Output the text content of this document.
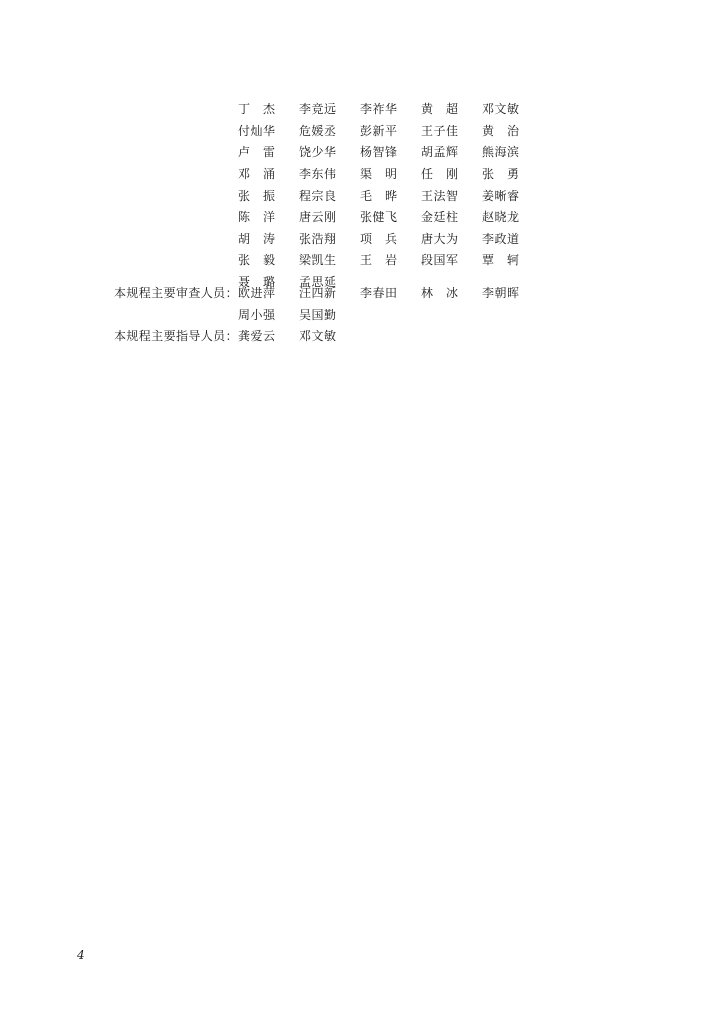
丁　杰	李竞远	李祚华	黄　超	邓文敏
付灿华	危媛丞	彭新平	王子佳	黄　治
卢　雷	饶少华	杨智锋	胡孟辉	熊海滨
邓　涌	李东伟	渠　明	任　刚	张　勇
张　振	程宗良	毛　晔	王法智	姜晰睿
陈　洋	唐云刚	张健飞	金廷柱	赵晓龙
胡　涛	张浩翔	项　兵	唐大为	李政道
张　毅	梁凯生	王　岩	段国军	覃　轲
聂　璐	孟思延
本规程主要审查人员： 欧进萍	汪四新	李春田	林　冰	李朝晖
周小强	吴国勤
本规程主要指导人员： 龚爱云	邓文敏
4
